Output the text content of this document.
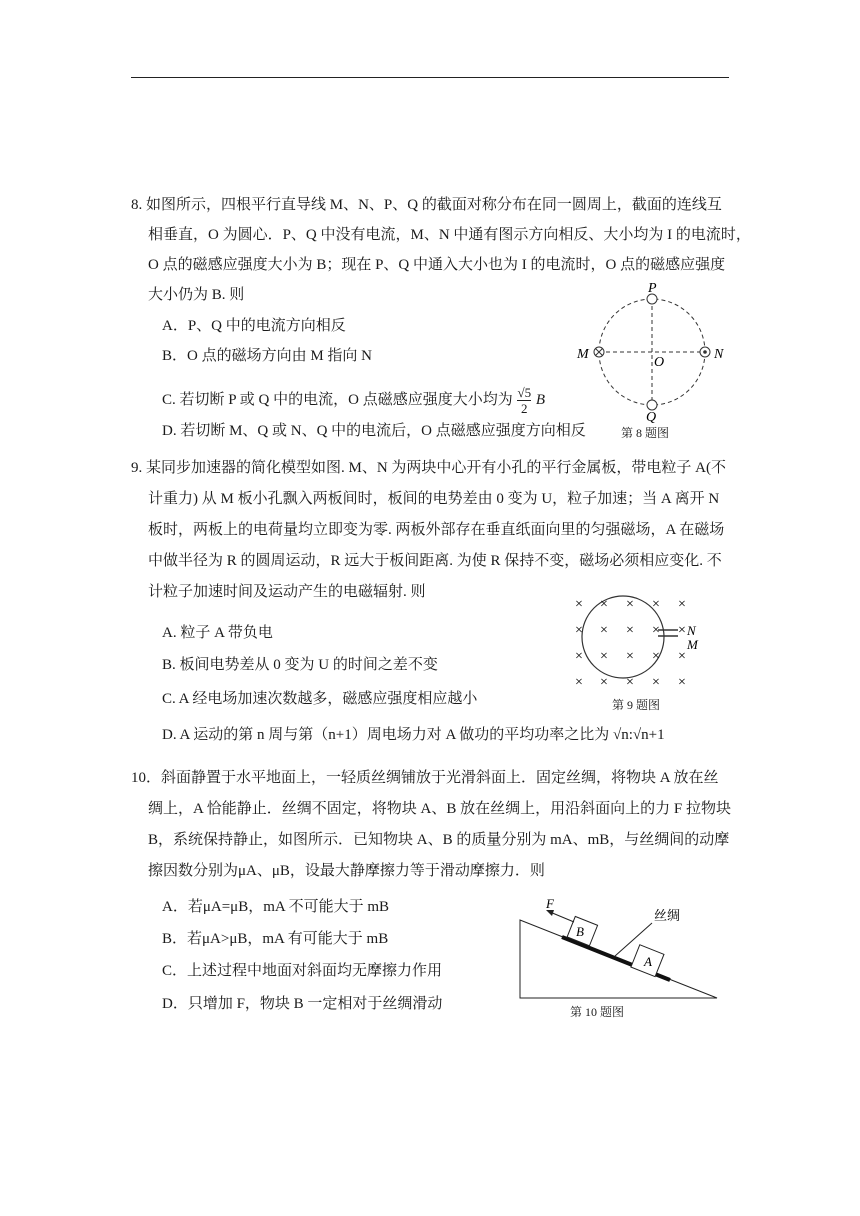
8. 如图所示，四根平行直导线 M、N、P、Q 的截面对称分布在同一圆周上，截面的连线互
相垂直，O 为圆心．P、Q 中没有电流，M、N 中通有图示方向相反、大小均为 I 的电流时，
O 点的磁感应强度大小为 B；现在 P、Q 中通入大小也为 I 的电流时，O 点的磁感应强度
大小仍为 B. 则
A．P、Q 中的电流方向相反
B．O 点的磁场方向由 M 指向 N
C. 若切断 P 或 Q 中的电流，O 点磁感应强度大小均为 $\frac{√5}{2}$ B
D. 若切断 M、Q 或 N、Q 中的电流后，O 点磁感应强度方向相反
P
Q
M	N
O
第 8 题图
9. 某同步加速器的简化模型如图. M、N 为两块中心开有小孔的平行金属板，带电粒子 A(不
计重力) 从 M 板小孔飘入两板间时，板间的电势差由 0 变为 U，粒子加速；当 A 离开 N
板时，两板上的电荷量均立即变为零. 两板外部存在垂直纸面向里的匀强磁场，A 在磁场
中做半径为 R 的圆周运动，R 远大于板间距离. 为使 R 保持不变，磁场必须相应变化. 不
计粒子加速时间及运动产生的电磁辐射. 则
A. 粒子 A 带负电
B. 板间电势差从 0 变为 U 的时间之差不变
C. A 经电场加速次数越多，磁感应强度相应越小
D. A 运动的第 n 周与第（n+1）周电场力对 A 做功的平均功率之比为 √n:√n+1
N
M
× × × × ×
× × × × ×
× × × × ×
× × × × ×
第 9 题图
10．斜面静置于水平地面上，一轻质丝绸铺放于光滑斜面上．固定丝绸，将物块 A 放在丝
绸上，A 恰能静止．丝绸不固定，将物块 A、B 放在丝绸上，用沿斜面向上的力 F 拉物块
B，系统保持静止，如图所示．已知物块 A、B 的质量分别为 mA、mB，与丝绸间的动摩
擦因数分别为μA、μB，设最大静摩擦力等于滑动摩擦力．则
A．若μA=μB，mA 不可能大于 mB
B．若μA>μB，mA 有可能大于 mB
C．上述过程中地面对斜面均无摩擦力作用
D．只增加 F，物块 B 一定相对于丝绸滑动
B
A
F
丝绸
第 10 题图
